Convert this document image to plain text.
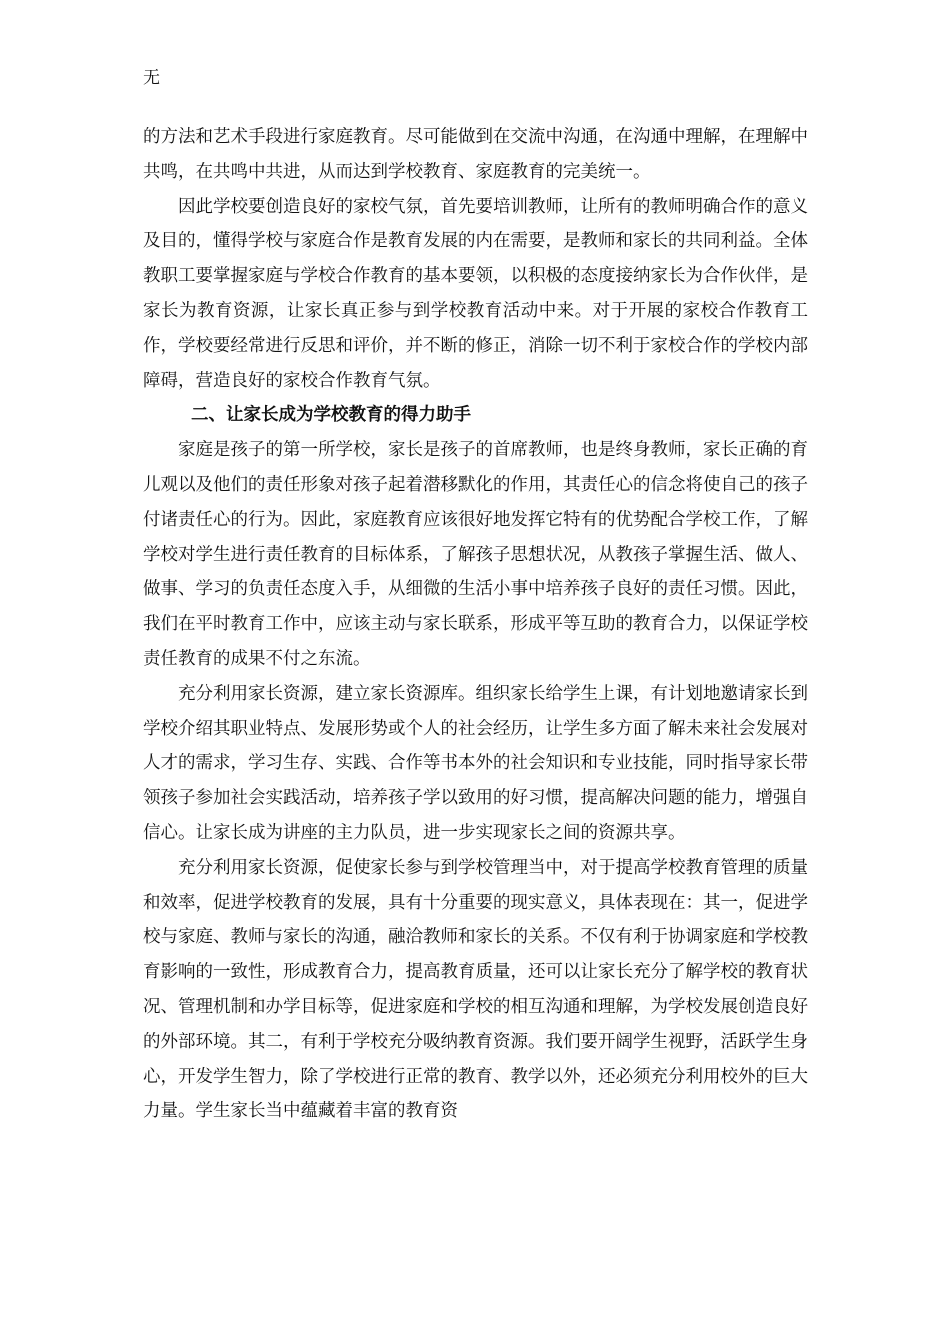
无

的方法和艺术手段进行家庭教育。尽可能做到在交流中沟通，在沟通中理解，在理解中共鸣，在共鸣中共进，从而达到学校教育、家庭教育的完美统一。

因此学校要创造良好的家校气氛，首先要培训教师，让所有的教师明确合作的意义及目的，懂得学校与家庭合作是教育发展的内在需要，是教师和家长的共同利益。全体教职工要掌握家庭与学校合作教育的基本要领，以积极的态度接纳家长为合作伙伴，是家长为教育资源，让家长真正参与到学校教育活动中来。对于开展的家校合作教育工作，学校要经常进行反思和评价，并不断的修正，消除一切不利于家校合作的学校内部障碍，营造良好的家校合作教育气氛。

二、让家长成为学校教育的得力助手

家庭是孩子的第一所学校，家长是孩子的首席教师，也是终身教师，家长正确的育儿观以及他们的责任形象对孩子起着潜移默化的作用，其责任心的信念将使自己的孩子付诸责任心的行为。因此，家庭教育应该很好地发挥它特有的优势配合学校工作，了解学校对学生进行责任教育的目标体系，了解孩子思想状况，从教孩子掌握生活、做人、做事、学习的负责任态度入手，从细微的生活小事中培养孩子良好的责任习惯。因此，我们在平时教育工作中，应该主动与家长联系，形成平等互助的教育合力，以保证学校责任教育的成果不付之东流。

充分利用家长资源，建立家长资源库。组织家长给学生上课，有计划地邀请家长到学校介绍其职业特点、发展形势或个人的社会经历，让学生多方面了解未来社会发展对人才的需求，学习生存、实践、合作等书本外的社会知识和专业技能，同时指导家长带领孩子参加社会实践活动，培养孩子学以致用的好习惯，提高解决问题的能力，增强自信心。让家长成为讲座的主力队员，进一步实现家长之间的资源共享。

充分利用家长资源，促使家长参与到学校管理当中，对于提高学校教育管理的质量和效率，促进学校教育的发展，具有十分重要的现实意义，具体表现在：其一，促进学校与家庭、教师与家长的沟通，融洽教师和家长的关系。不仅有利于协调家庭和学校教育影响的一致性，形成教育合力，提高教育质量，还可以让家长充分了解学校的教育状况、管理机制和办学目标等，促进家庭和学校的相互沟通和理解，为学校发展创造良好的外部环境。其二，有利于学校充分吸纳教育资源。我们要开阔学生视野，活跃学生身心，开发学生智力，除了学校进行正常的教育、教学以外，还必须充分利用校外的巨大力量。学生家长当中蕴藏着丰富的教育资
